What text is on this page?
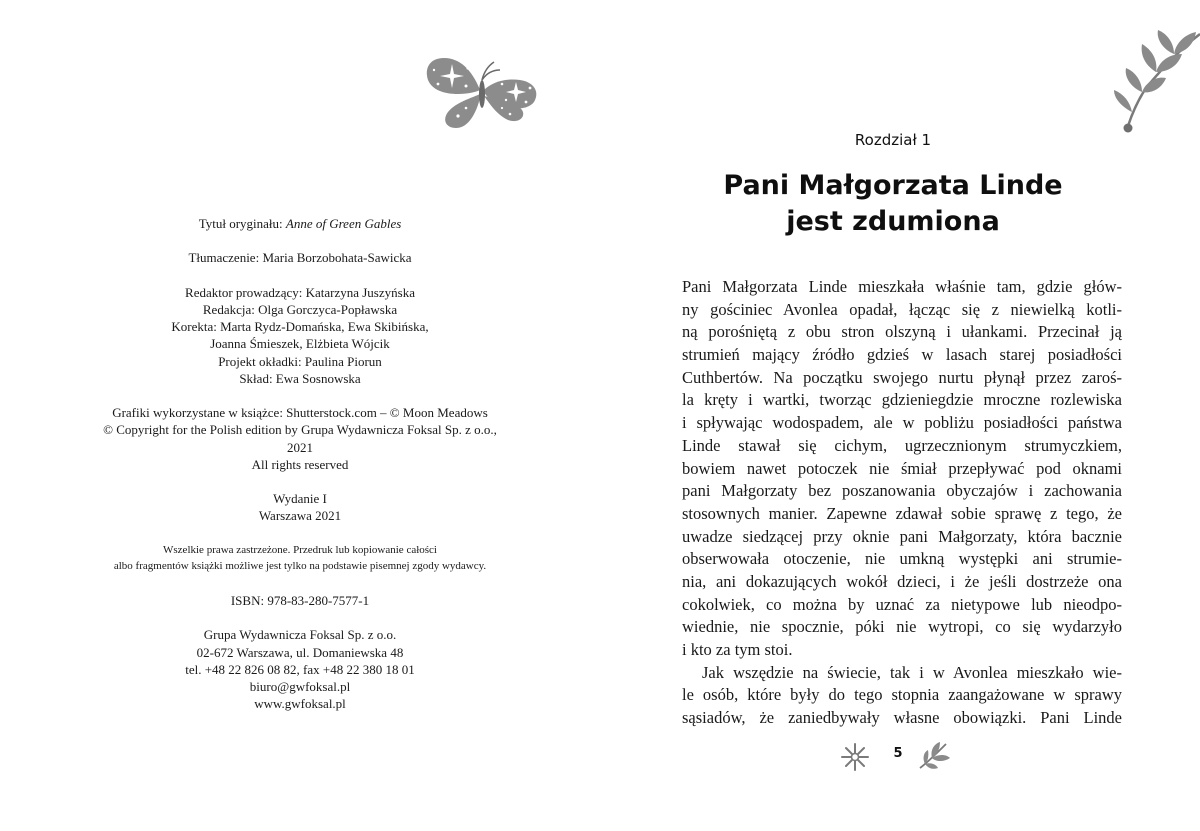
Tytuł oryginału: Anne of Green Gables
Tłumaczenie: Maria Borzobohata-Sawicka
Redaktor prowadzący: Katarzyna Juszyńska
Redakcja: Olga Gorczyca-Popławska
Korekta: Marta Rydz-Domańska, Ewa Skibińska,
Joanna Śmieszek, Elżbieta Wójcik
Projekt okładki: Paulina Piorun
Skład: Ewa Sosnowska
Grafiki wykorzystane w książce: Shutterstock.com – © Moon Meadows
© Copyright for the Polish edition by Grupa Wydawnicza Foksal Sp. z o.o.,
2021
All rights reserved
Wydanie I
Warszawa 2021
Wszelkie prawa zastrzeżone. Przedruk lub kopiowanie całości
albo fragmentów książki możliwe jest tylko na podstawie pisemnej zgody wydawcy.
ISBN: 978-83-280-7577-1
Grupa Wydawnicza Foksal Sp. z o.o.
02-672 Warszawa, ul. Domaniewska 48
tel. +48 22 826 08 82, fax +48 22 380 18 01
biuro@gwfoksal.pl
www.gwfoksal.pl
Rozdział 1
Pani Małgorzata Linde
jest zdumiona
Pani Małgorzata Linde mieszkała właśnie tam, gdzie głów-
ny gościniec Avonlea opadał, łącząc się z niewielką kotli-
ną porośniętą z obu stron olszyną i ułankami. Przecinał ją
strumień mający źródło gdzieś w lasach starej posiadłości
Cuthbertów. Na początku swojego nurtu płynął przez zaroś-
la kręty i wartki, tworząc gdzieniegdzie mroczne rozlewiska
i spływając wodospadem, ale w pobliżu posiadłości państwa
Linde stawał się cichym, ugrzecznionym strumyczkiem,
bowiem nawet potoczek nie śmiał przepływać pod oknami
pani Małgorzaty bez poszanowania obyczajów i zachowania
stosownych manier. Zapewne zdawał sobie sprawę z tego, że
uwadze siedzącej przy oknie pani Małgorzaty, która bacznie
obserwowała otoczenie, nie umkną występki ani strumie-
nia, ani dokazujących wokół dzieci, i że jeśli dostrzeże ona
cokolwiek, co można by uznać za nietypowe lub nieodpo-
wiednie, nie spocznie, póki nie wytropi, co się wydarzyło
i kto za tym stoi.
Jak wszędzie na świecie, tak i w Avonlea mieszkało wie-
le osób, które były do tego stopnia zaangażowane w sprawy
sąsiadów, że zaniedbywały własne obowiązki. Pani Linde
5
